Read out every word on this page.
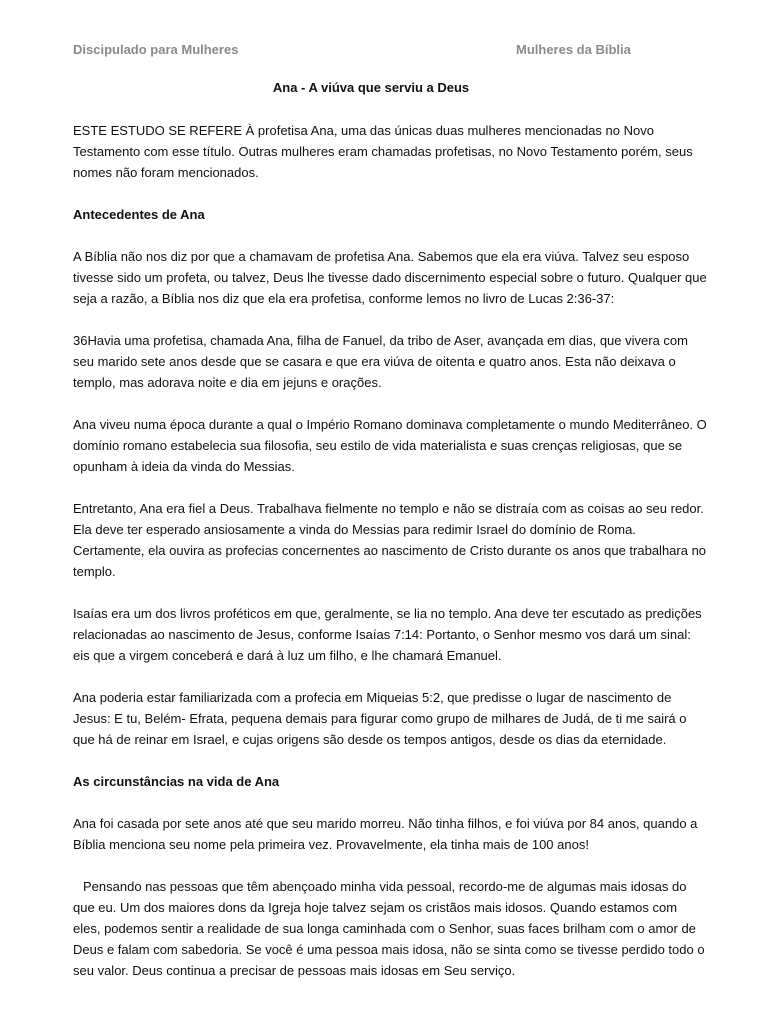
Discipulado para Mulheres	Mulheres da Bíblia
Ana - A viúva que serviu a Deus

ESTE ESTUDO SE REFERE À profetisa Ana, uma das únicas duas mulheres mencionadas no Novo Testamento com esse título. Outras mulheres eram chamadas profetisas, no Novo Testamento porém, seus nomes não foram mencionados.

Antecedentes de Ana

A Bíblia não nos diz por que a chamavam de profetisa Ana. Sabemos que ela era viúva. Talvez seu esposo tivesse sido um profeta, ou talvez, Deus lhe tivesse dado discernimento especial sobre o futuro. Qualquer que seja a razão, a Bíblia nos diz que ela era profetisa, conforme lemos no livro de Lucas 2:36-37:

36Havia uma profetisa, chamada Ana, filha de Fanuel, da tribo de Aser, avançada em dias, que vivera com seu marido sete anos desde que se casara e que era viúva de oitenta e quatro anos. Esta não deixava o templo, mas adorava noite e dia em jejuns e orações.

Ana viveu numa época durante a qual o Império Romano dominava completamente o mundo Mediterrâneo. O domínio romano estabelecia sua filosofia, seu estilo de vida materialista e suas crenças religiosas, que se opunham à ideia da vinda do Messias.

Entretanto, Ana era fiel a Deus. Trabalhava fielmente no templo e não se distraía com as coisas ao seu redor. Ela deve ter esperado ansiosamente a vinda do Messias para redimir Israel do domínio de Roma. Certamente, ela ouvira as profecias concernentes ao nascimento de Cristo durante os anos que trabalhara no templo.

Isaías era um dos livros proféticos em que, geralmente, se lia no templo. Ana deve ter escutado as predições relacionadas ao nascimento de Jesus, conforme Isaías 7:14: Portanto, o Senhor mesmo vos dará um sinal: eis que a virgem conceberá e dará à luz um filho, e lhe chamará Emanuel.

Ana poderia estar familiarizada com a profecia em Miqueias 5:2, que predisse o lugar de nascimento de Jesus: E tu, Belém- Efrata, pequena demais para figurar como grupo de milhares de Judá, de ti me sairá o que há de reinar em Israel, e cujas origens são desde os tempos antigos, desde os dias da eternidade.

As circunstâncias na vida de Ana

Ana foi casada por sete anos até que seu marido morreu. Não tinha filhos, e foi viúva por 84 anos, quando a Bíblia menciona seu nome pela primeira vez. Provavelmente, ela tinha mais de 100 anos!

Pensando nas pessoas que têm abençoado minha vida pessoal, recordo-me de algumas mais idosas do que eu. Um dos maiores dons da Igreja hoje talvez sejam os cristãos mais idosos. Quando estamos com eles, podemos sentir a realidade de sua longa caminhada com o Senhor, suas faces brilham com o amor de Deus e falam com sabedoria. Se você é uma pessoa mais idosa, não se sinta como se tivesse perdido todo o seu valor. Deus continua a precisar de pessoas mais idosas em Seu serviço.
